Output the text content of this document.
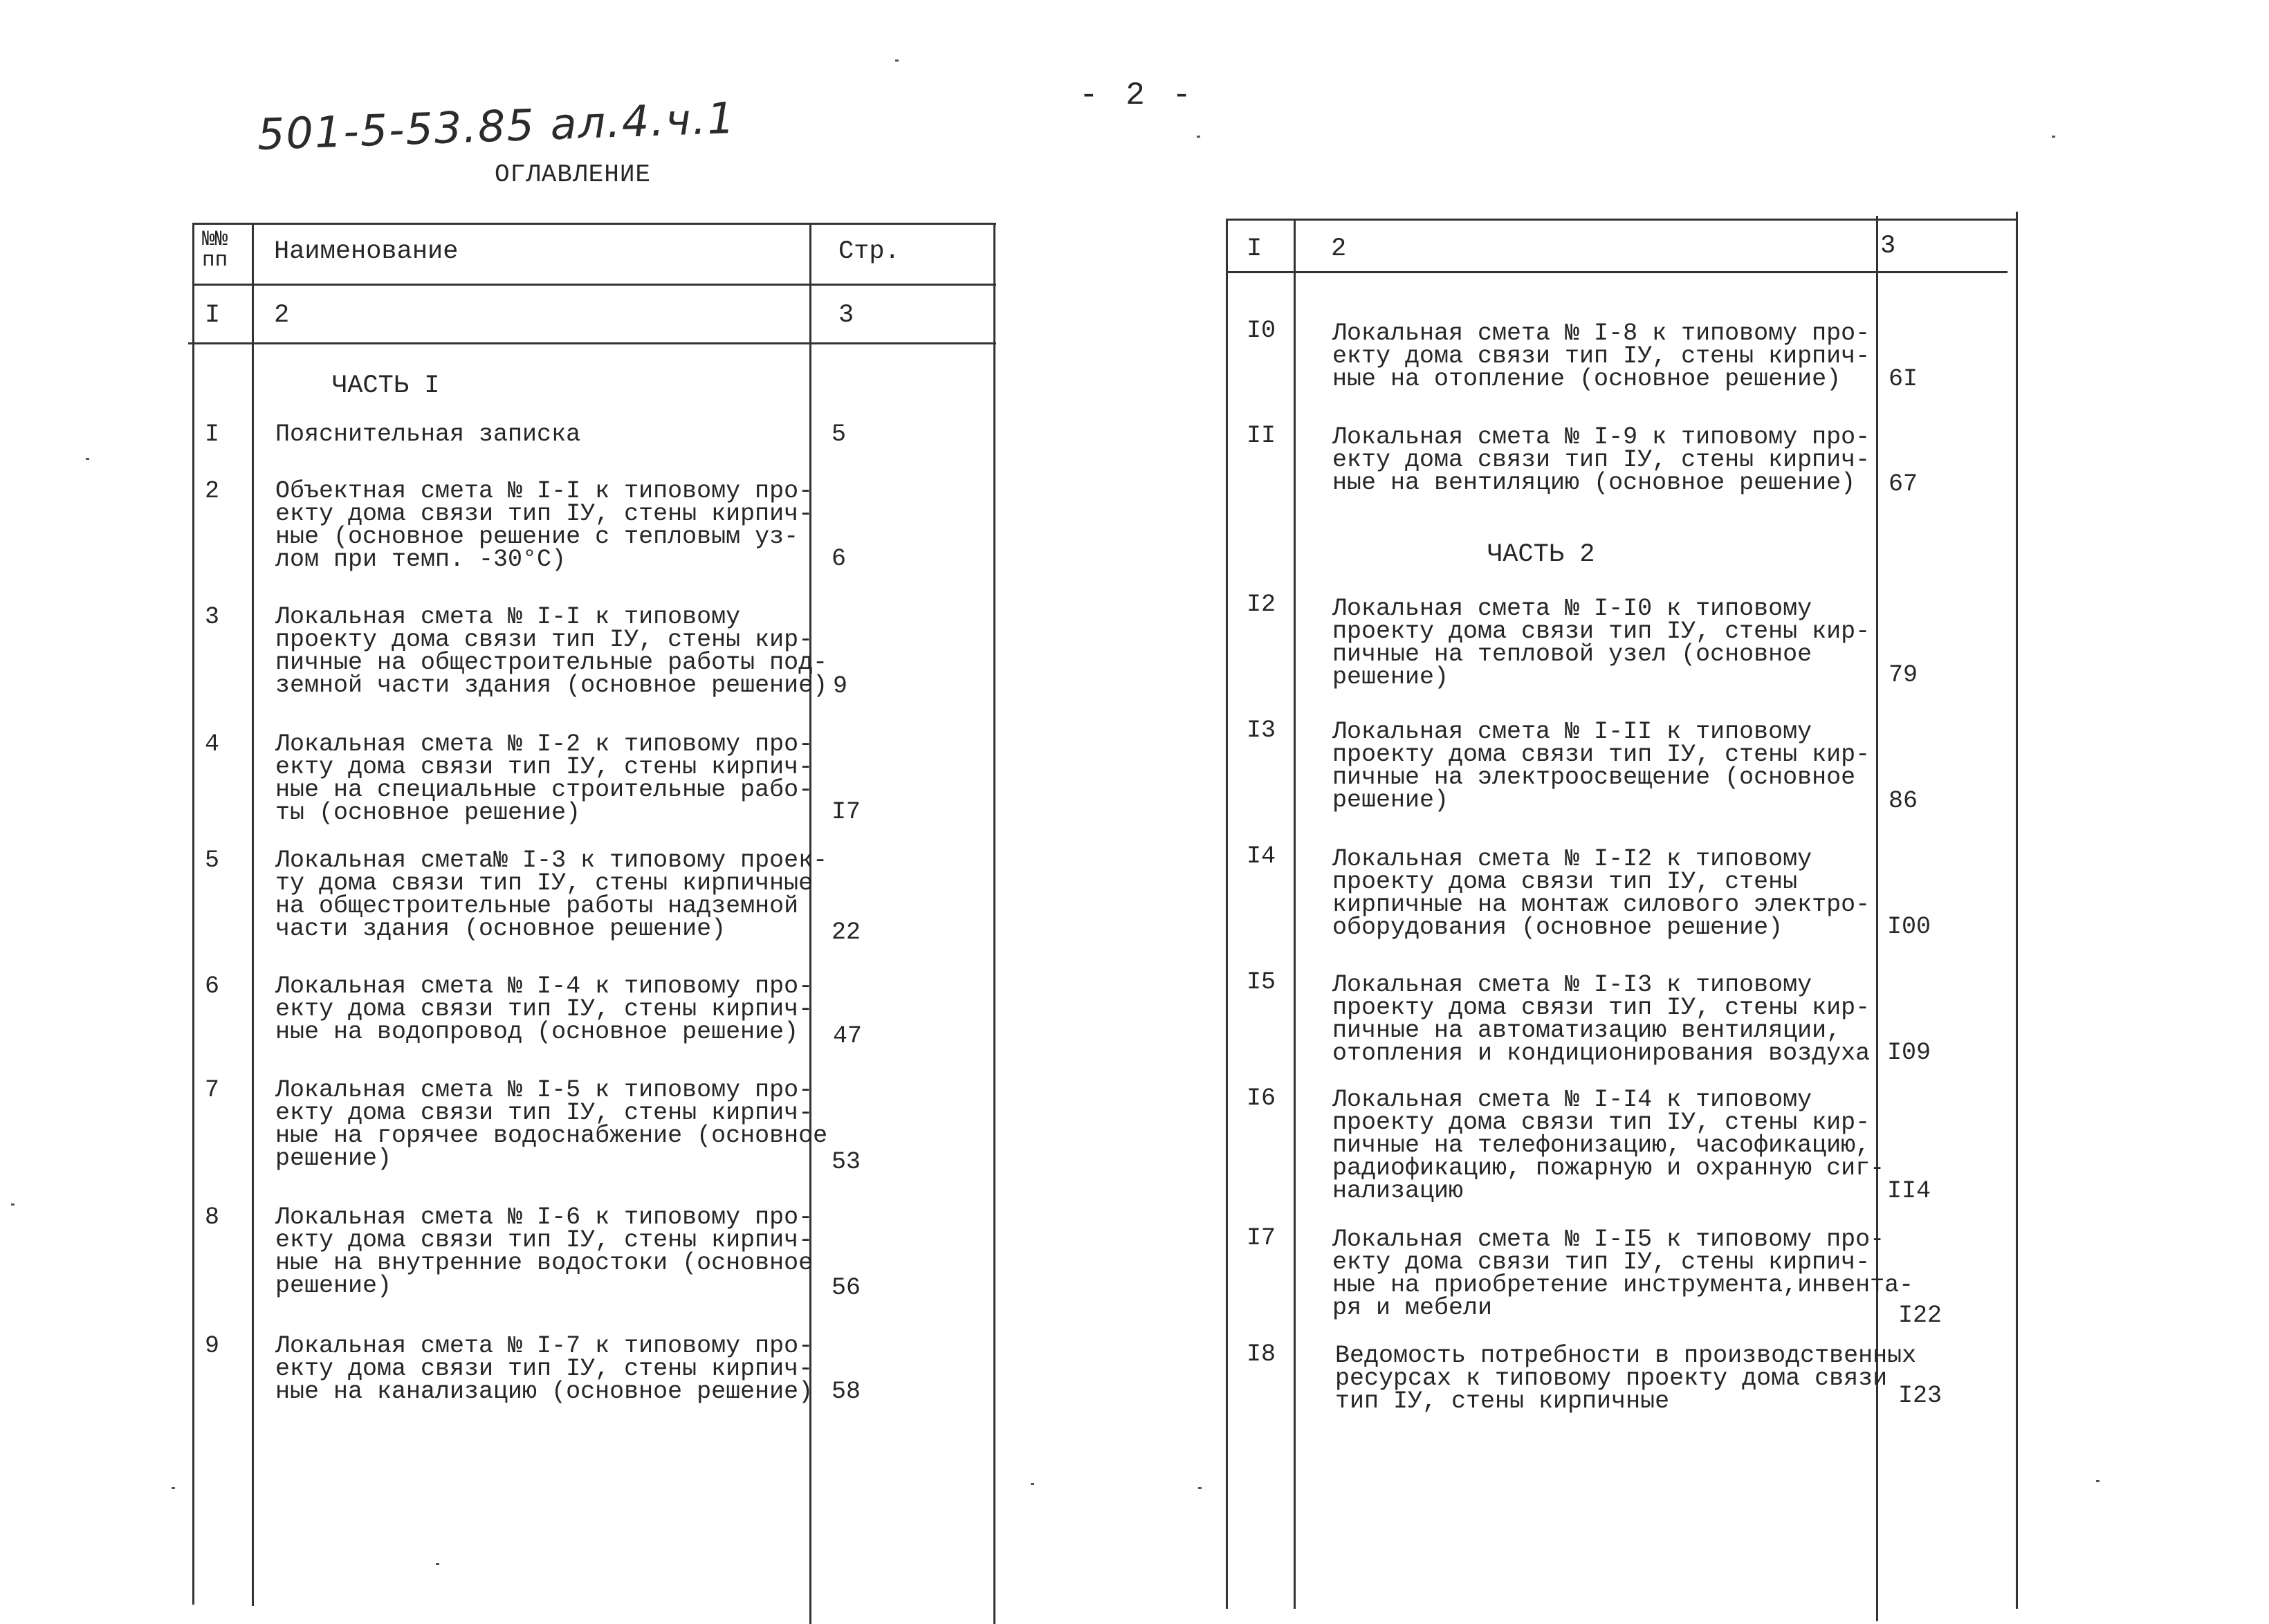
- 2 -
501-5-53.85 ал.4.ч.1
ОГЛАВЛЕНИЕ
№№
пп Наименование	Стр.
I 2	3
ЧАСТЬ I
I Пояснительная записка	5
2 Объектная смета № I-I к типовому про-
екту дома связи тип IУ, стены кирпич-
ные (основное решение с тепловым уз-
лом при темп. -30°С)	6
3 Локальная смета № I-I к типовому
проекту дома связи тип IУ, стены кир-
пичные на общестроительные работы под-
земной части здания (основное решение) 9
4 Локальная смета № I-2 к типовому про-
екту дома связи тип IУ, стены кирпич-
ные на специальные строительные рабо-
ты (основное решение)	I7
5 Локальная смета№ I-3 к типовому проек-
ту дома связи тип IУ, стены кирпичные
на общестроительные работы надземной
части здания (основное решение)	22
6 Локальная смета № I-4 к типовому про-
екту дома связи тип IУ, стены кирпич-
ные на водопровод (основное решение)	47
7 Локальная смета № I-5 к типовому про-
екту дома связи тип IУ, стены кирпич-
ные на горячее водоснабжение (основное
решение)	53
8 Локальная смета № I-6 к типовому про-
екту дома связи тип IУ, стены кирпич-
ные на внутренние водостоки (основное
решение)	56
9 Локальная смета № I-7 к типовому про-
екту дома связи тип IУ, стены кирпич-
ные на канализацию (основное решение) 58
I	2	3
I0 Локальная смета № I-8 к типовому про-
екту дома связи тип IУ, стены кирпич-
ные на отопление (основное решение)	6I
II Локальная смета № I-9 к типовому про-
екту дома связи тип IУ, стены кирпич-
ные на вентиляцию (основное решение)	67
ЧАСТЬ 2
I2 Локальная смета № I-I0 к типовому
проекту дома связи тип IУ, стены кир-
пичные на тепловой узел (основное
решение)	79
I3 Локальная смета № I-II к типовому
проекту дома связи тип IУ, стены кир-
пичные на электроосвещение (основное
решение)	86
I4 Локальная смета № I-I2 к типовому
проекту дома связи тип IУ, стены
кирпичные на монтаж силового электро-
оборудования (основное решение)	I00
I5 Локальная смета № I-I3 к типовому
проекту дома связи тип IУ, стены кир-
пичные на автоматизацию вентиляции,
отопления и кондиционирования воздуха I09
I6 Локальная смета № I-I4 к типовому
проекту дома связи тип IУ, стены кир-
пичные на телефонизацию, часофикацию,
радиофикацию, пожарную и охранную сиг-
нализацию	II4
I7 Локальная смета № I-I5 к типовому про-
екту дома связи тип IУ, стены кирпич-
ные на приобретение инструмента,инвента-
ря и мебели	I22
I8 Ведомость потребности в производственных
ресурсах к типовому проекту дома связи
тип IУ, стены кирпичные	I23
